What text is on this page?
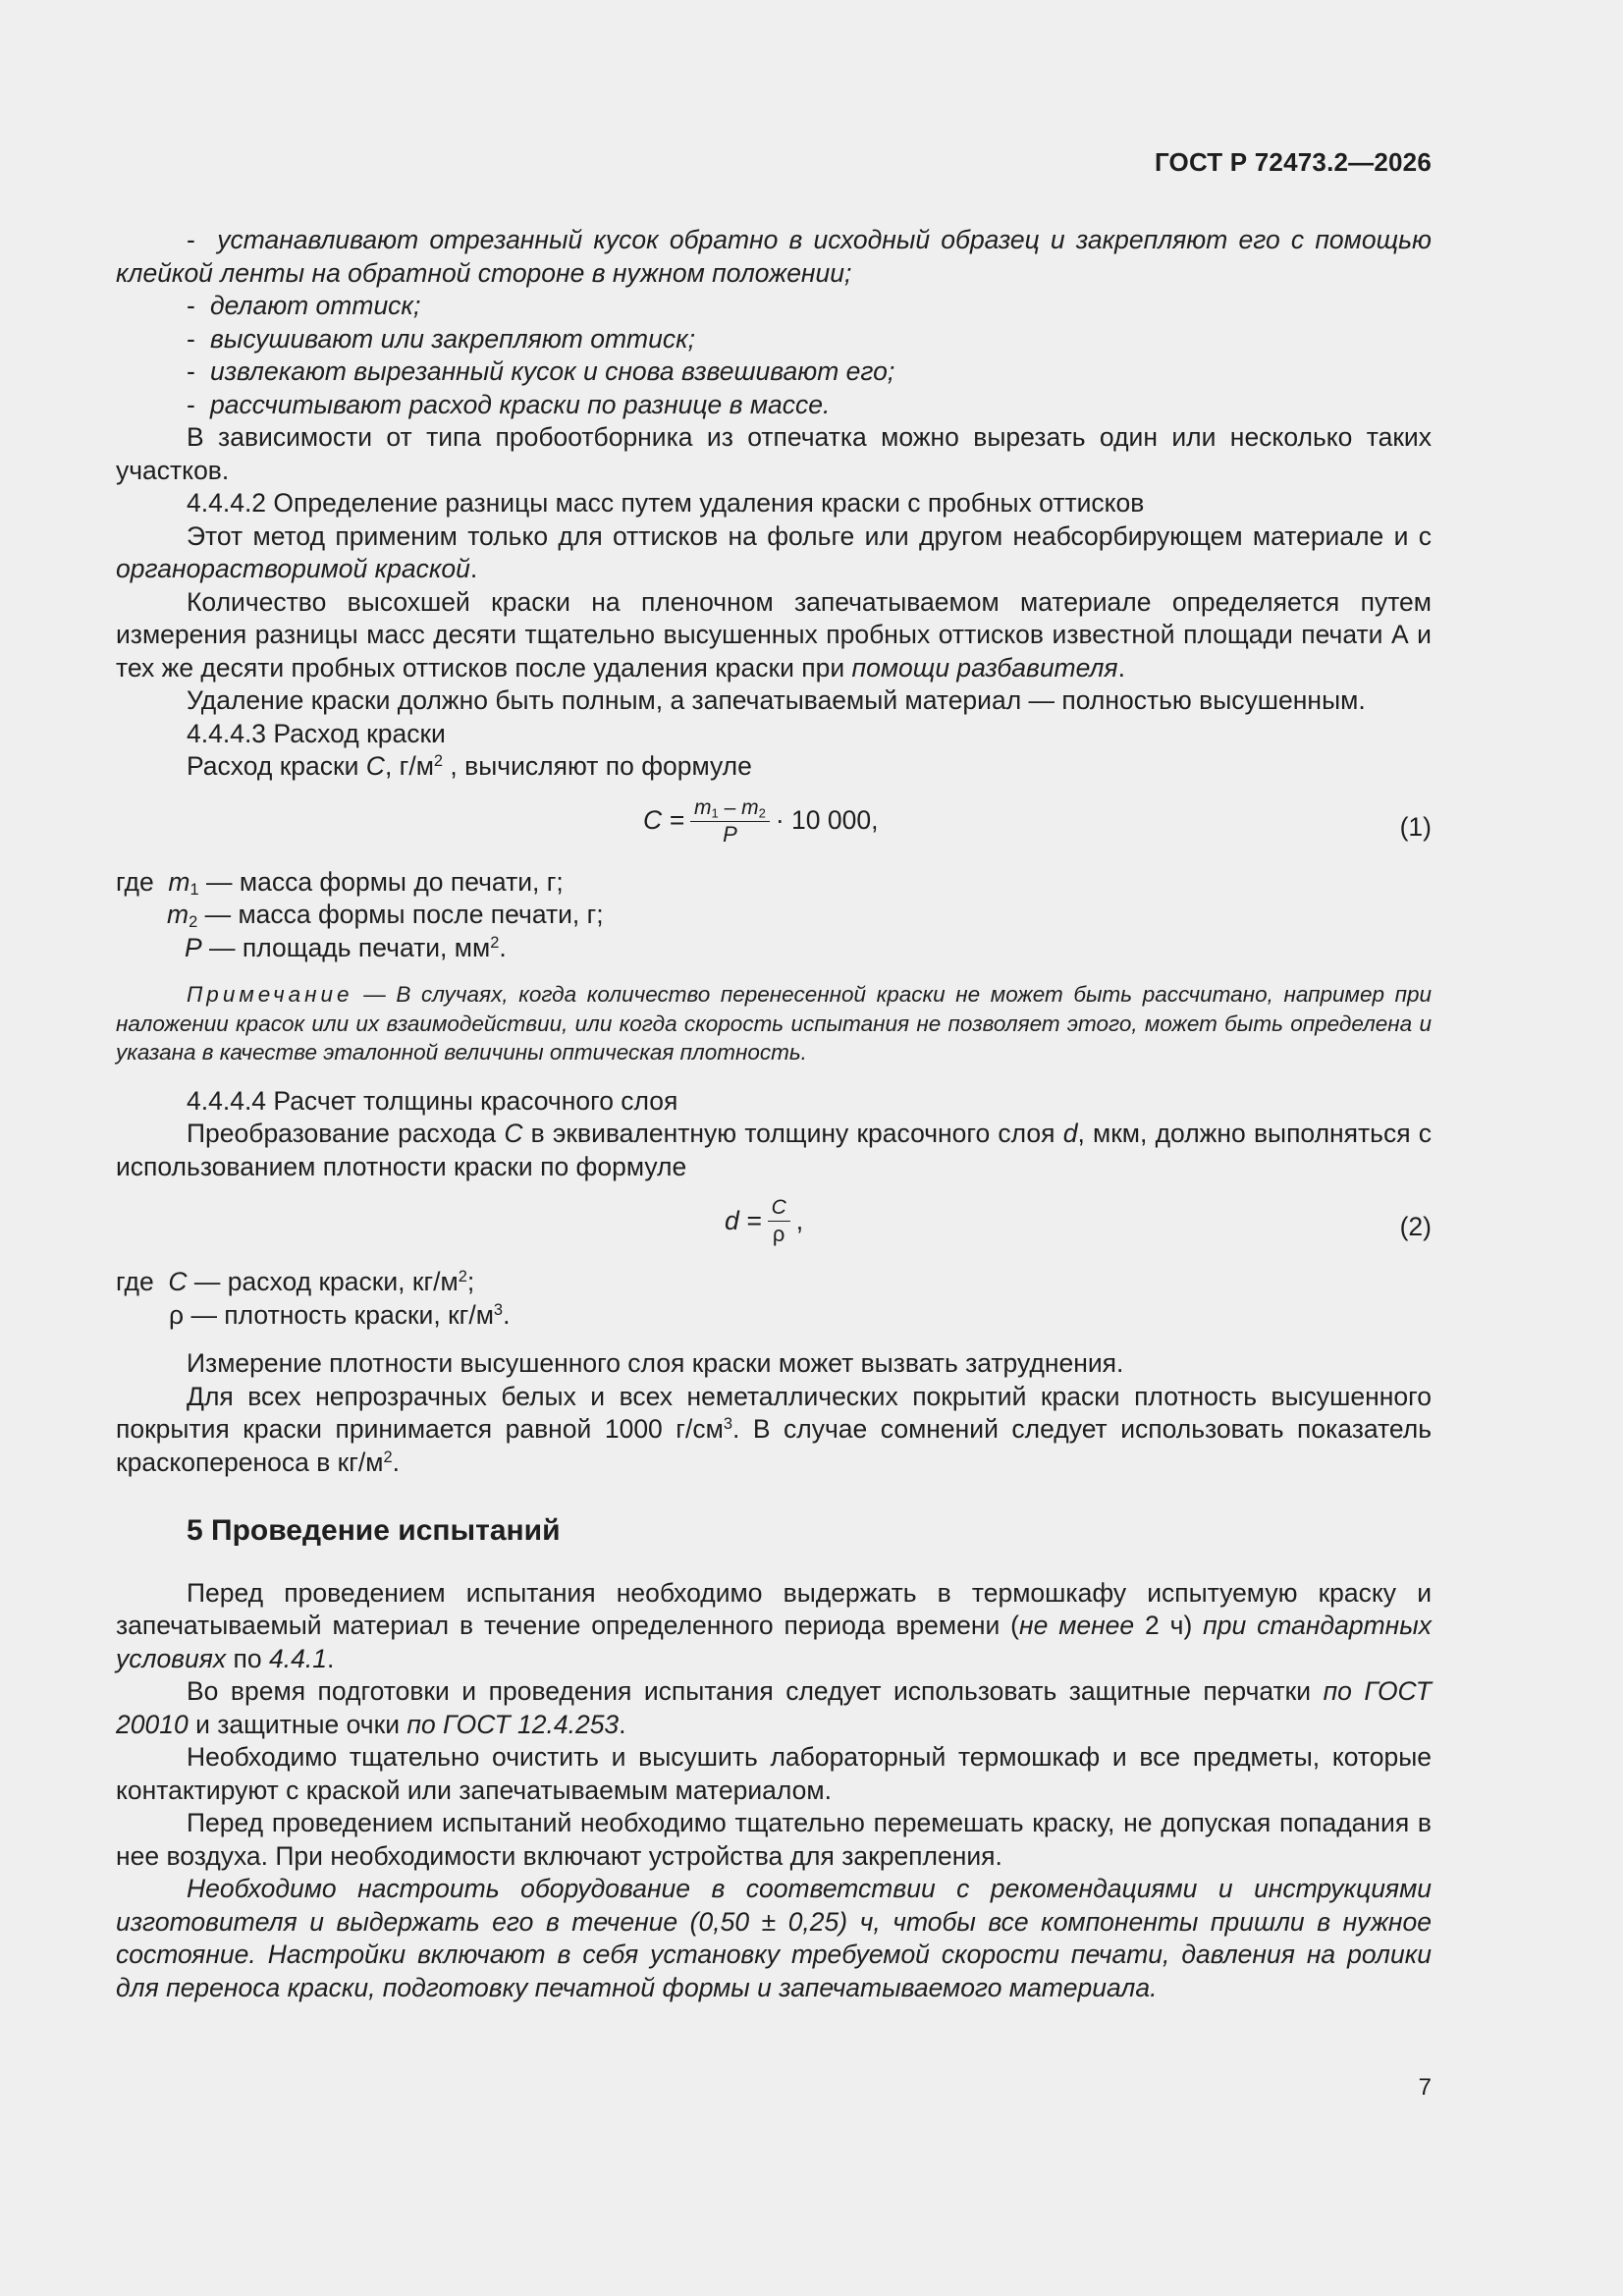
ГОСТ Р 72473.2—2026

- устанавливают отрезанный кусок обратно в исходный образец и закрепляют его с помощью клейкой ленты на обратной стороне в нужном положении;

- делают оттиск;

- высушивают или закрепляют оттиск;

- извлекают вырезанный кусок и снова взвешивают его;

- рассчитывают расход краски по разнице в массе.

В зависимости от типа пробоотборника из отпечатка можно вырезать один или несколько таких участков.

4.4.4.2 Определение разницы масс путем удаления краски с пробных оттисков

Этот метод применим только для оттисков на фольге или другом неабсорбирующем материале и с органорастворимой краской.

Количество высохшей краски на пленочном запечатываемом материале определяется путем измерения разницы масс десяти тщательно высушенных пробных оттисков известной площади печати А и тех же десяти пробных оттисков после удаления краски при помощи разбавителя.

Удаление краски должно быть полным, а запечатываемый материал — полностью высушенным.

4.4.4.3 Расход краски

Расход краски С, $г/м^2$ , вычисляют по формуле

$С = \frac{m_1 - m_2}{P} \cdot 10$ 000,	(1)
где $m_1$ — масса формы до печати, г;
$m_2$ — масса формы после печати, г;
P — площадь печати, $мм^2$.

Примечание — В случаях, когда количество перенесенной краски не может быть рассчитано, например при наложении красок или их взаимодействии, или когда скорость испытания не позволяет этого, может быть определена и указана в качестве эталонной величины оптическая плотность.

4.4.4.4 Расчет толщины красочного слоя

Преобразование расхода С в эквивалентную толщину красочного слоя d, мкм, должно выполняться с использованием плотности краски по формуле

$d = \frac{C}{\rho}$ ,	(2)
где С — расход краски, $кг/м^2$;
ρ — плотность краски, $кг/м^3$.

Измерение плотности высушенного слоя краски может вызвать затруднения.

Для всех непрозрачных белых и всех неметаллических покрытий краски плотность высушенного покрытия краски принимается равной 1000 $г/см^3$. В случае сомнений следует использовать показатель краскопереноса в $кг/м^2$.

5 Проведение испытаний

Перед проведением испытания необходимо выдержать в термошкафу испытуемую краску и запечатываемый материал в течение определенного периода времени (не менее 2 ч) при стандартных условиях по 4.4.1.

Во время подготовки и проведения испытания следует использовать защитные перчатки по ГОСТ 20010 и защитные очки по ГОСТ 12.4.253.

Необходимо тщательно очистить и высушить лабораторный термошкаф и все предметы, которые контактируют с краской или запечатываемым материалом.

Перед проведением испытаний необходимо тщательно перемешать краску, не допуская попадания в нее воздуха. При необходимости включают устройства для закрепления.

Необходимо настроить оборудование в соответствии с рекомендациями и инструкциями изготовителя и выдержать его в течение (0,50 ± 0,25) ч, чтобы все компоненты пришли в нужное состояние. Настройки включают в себя установку требуемой скорости печати, давления на ролики для переноса краски, подготовку печатной формы и запечатываемого материала.

7
